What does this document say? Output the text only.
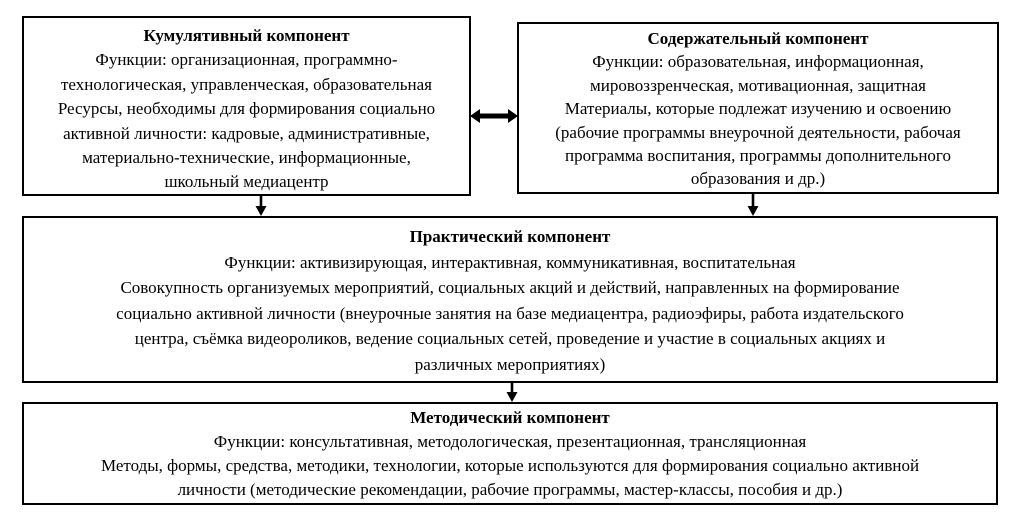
Кумулятивный компонент
Функции: организационная, программно-
технологическая, управленческая, образовательная
Ресурсы, необходимы для формирования социально
активной личности: кадровые, административные,
материально-технические, информационные,
школьный медиацентр
Содержательный компонент
Функции: образовательная, информационная,
мировоззренческая, мотивационная, защитная
Материалы, которые подлежат изучению и освоению
(рабочие программы внеурочной деятельности, рабочая
программа воспитания, программы дополнительного
образования и др.)
Практический компонент
Функции: активизирующая, интерактивная, коммуникативная, воспитательная
Совокупность организуемых мероприятий, социальных акций и действий, направленных на формирование
социально активной личности (внеурочные занятия на базе медиацентра, радиоэфиры, работа издательского
центра, съёмка видеороликов, ведение социальных сетей, проведение и участие в социальных акциях и
различных мероприятиях)
Методический компонент
Функции: консультативная, методологическая, презентационная, трансляционная
Методы, формы, средства, методики, технологии, которые используются для формирования социально активной
личности (методические рекомендации, рабочие программы, мастер-классы, пособия и др.)
